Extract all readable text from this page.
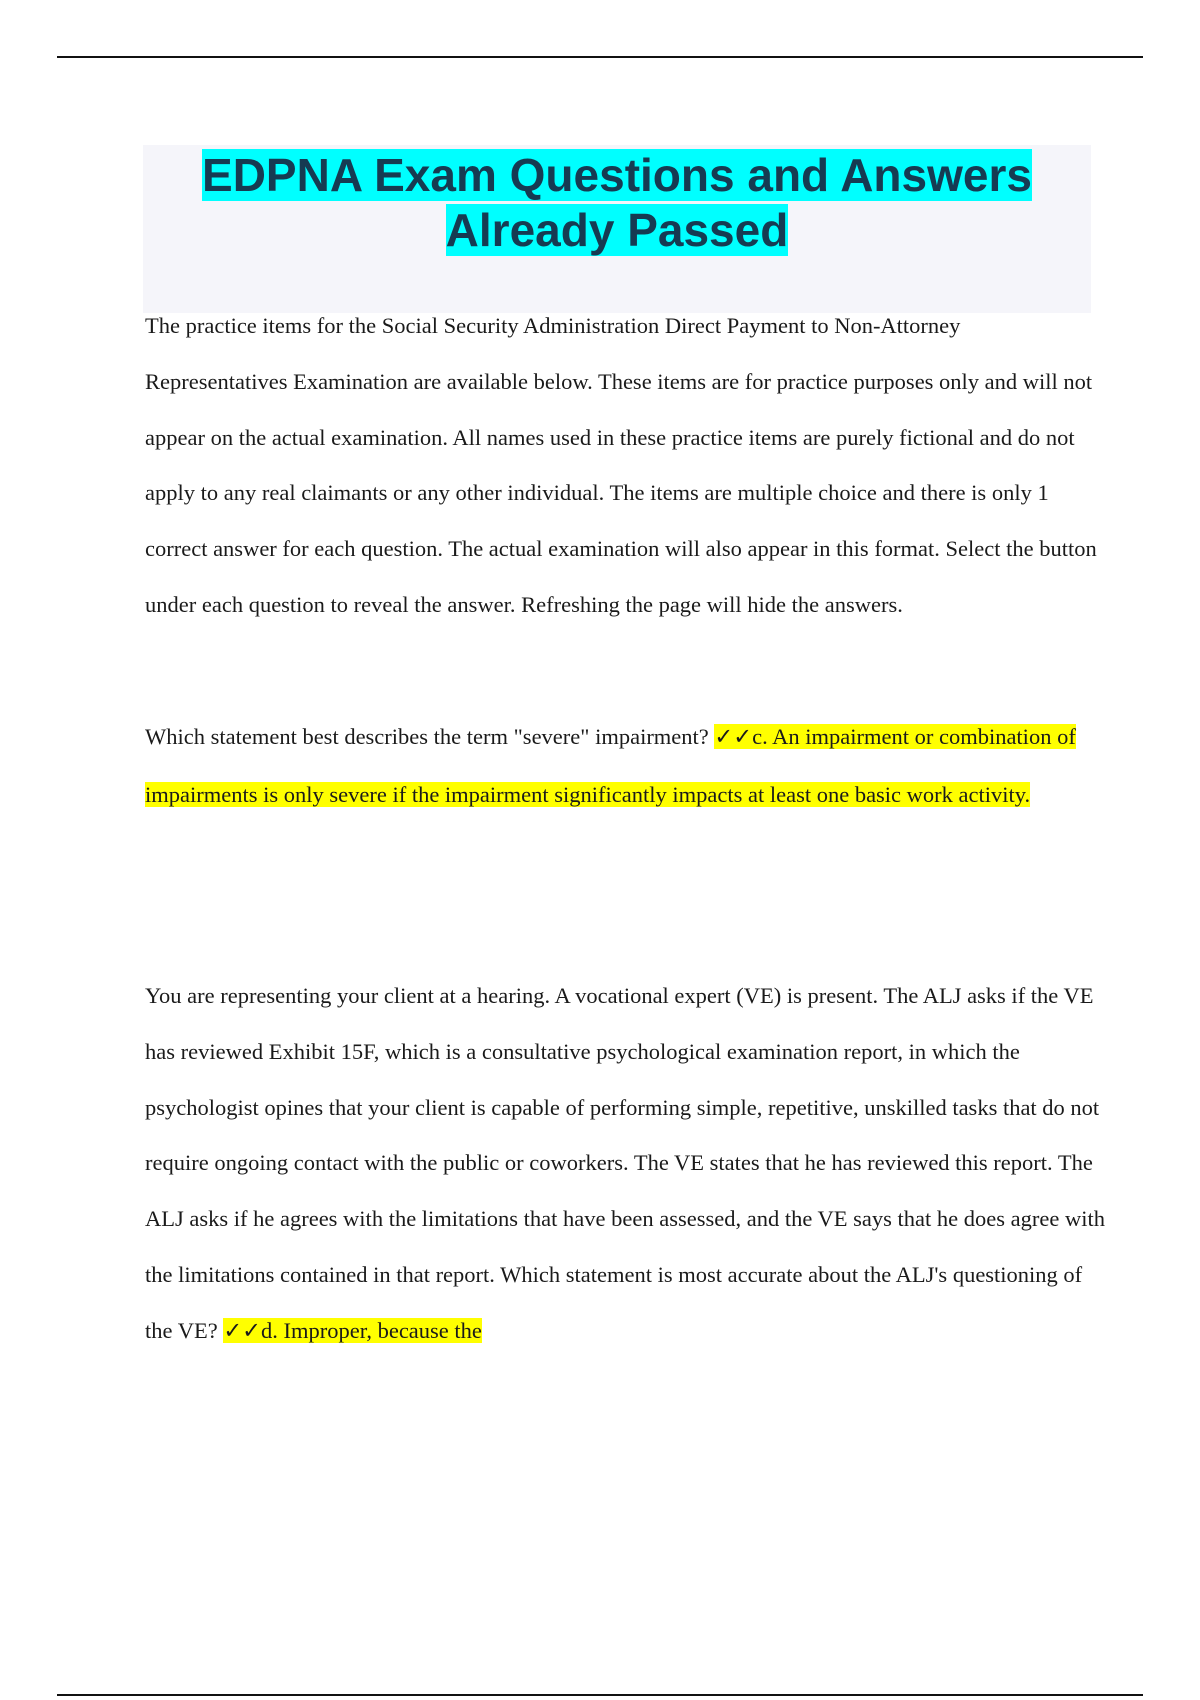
EDPNA Exam Questions and Answers
Already Passed

The practice items for the Social Security Administration Direct Payment to Non-Attorney Representatives Examination are available below. These items are for practice purposes only and will not appear on the actual examination. All names used in these practice items are purely fictional and do not apply to any real claimants or any other individual. The items are multiple choice and there is only 1 correct answer for each question. The actual examination will also appear in this format. Select the button under each question to reveal the answer. Refreshing the page will hide the answers.

Which statement best describes the term "severe" impairment? ✓✓c. An impairment or combination of impairments is only severe if the impairment significantly impacts at least one basic work activity.

You are representing your client at a hearing. A vocational expert (VE) is present. The ALJ asks if the VE has reviewed Exhibit 15F, which is a consultative psychological examination report, in which the psychologist opines that your client is capable of performing simple, repetitive, unskilled tasks that do not require ongoing contact with the public or coworkers. The VE states that he has reviewed this report. The ALJ asks if he agrees with the limitations that have been assessed, and the VE says that he does agree with the limitations contained in that report. Which statement is most accurate about the ALJ's questioning of the VE? ✓✓d. Improper, because the
